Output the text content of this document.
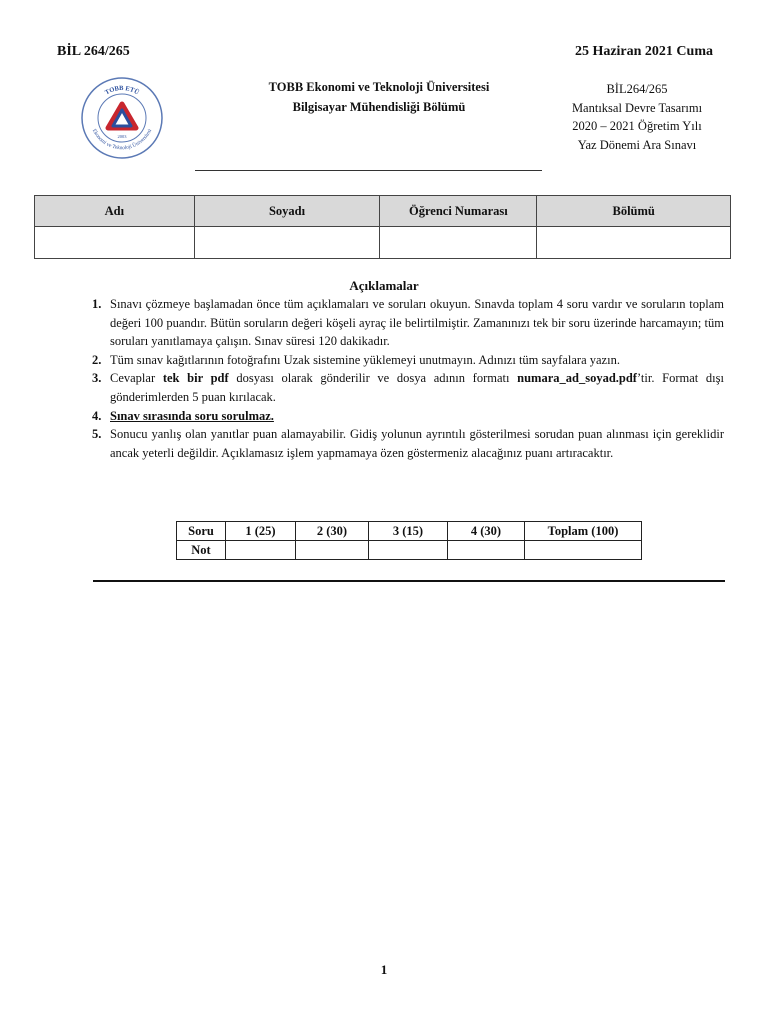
BİL 264/265	25 Haziran 2021 Cuma
TOBB ETÜ
Ekonomi ve Teknoloji Üniversitesi
2003
TOBB Ekonomi ve Teknoloji Üniversitesi
Bilgisayar Mühendisliği Bölümü
BİL264/265
Mantıksal Devre Tasarımı
2020 – 2021 Öğretim Yılı
Yaz Dönemi Ara Sınavı
Adı	Soyadı	Öğrenci Numarası	Bölümü

Açıklamalar
1. Sınavı çözmeye başlamadan önce tüm açıklamaları ve soruları okuyun. Sınavda toplam 4 soru vardır ve soruların toplam değeri 100 puandır. Bütün soruların değeri köşeli ayraç ile belirtilmiştir. Zamanınızı tek bir soru üzerinde harcamayın; tüm soruları yanıtlamaya çalışın. Sınav süresi 120 dakikadır.
2. Tüm sınav kağıtlarının fotoğrafını Uzak sistemine yüklemeyi unutmayın. Adınızı tüm sayfalara yazın.
3. Cevaplar tek bir pdf dosyası olarak gönderilir ve dosya adının formatı numara_ad_soyad.pdf’tir. Format dışı gönderimlerden 5 puan kırılacak.
4. Sınav sırasında soru sorulmaz.
5. Sonucu yanlış olan yanıtlar puan alamayabilir. Gidiş yolunun ayrıntılı gösterilmesi sorudan puan alınması için gereklidir ancak yeterli değildir. Açıklamasız işlem yapmamaya özen göstermeniz alacağınız puanı artıracaktır.
Soru	1 (25)	2 (30)	3 (15)	4 (30)	Toplam (100)
Not					
1
